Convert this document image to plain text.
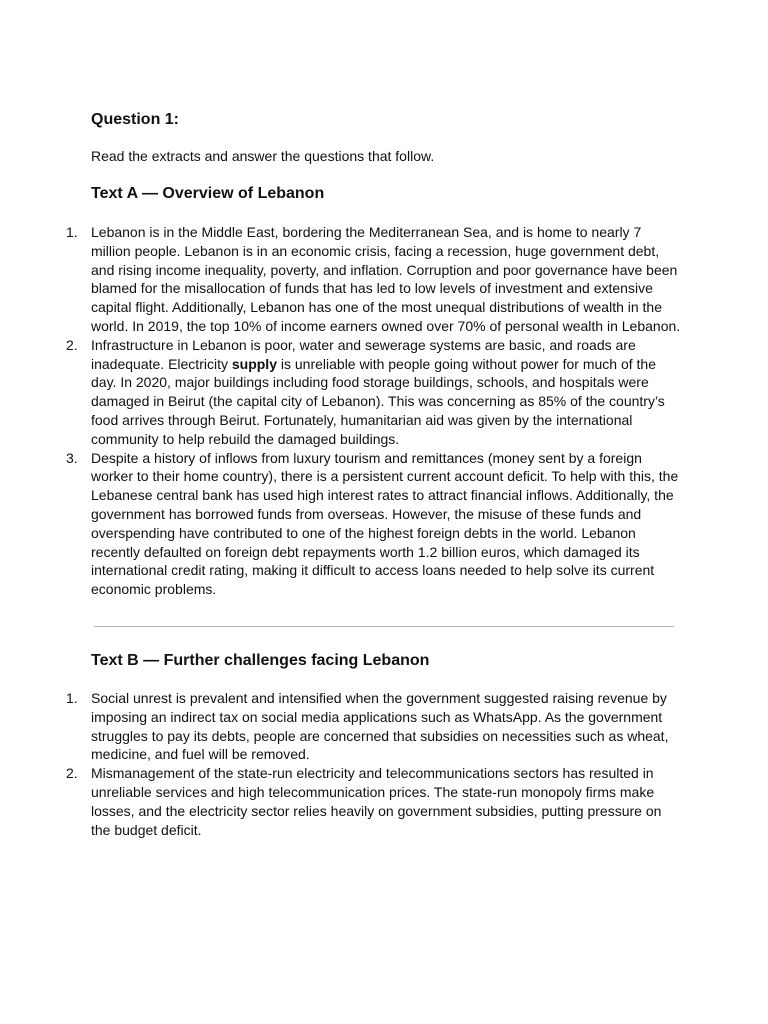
Question 1:

Read the extracts and answer the questions that follow.

Text A — Overview of Lebanon
1. Lebanon is in the Middle East, bordering the Mediterranean Sea, and is home to nearly 7 million people. Lebanon is in an economic crisis, facing a recession, huge government debt, and rising income inequality, poverty, and inflation. Corruption and poor governance have been blamed for the misallocation of funds that has led to low levels of investment and extensive capital flight. Additionally, Lebanon has one of the most unequal distributions of wealth in the world. In 2019, the top 10% of income earners owned over 70% of personal wealth in Lebanon.
2. Infrastructure in Lebanon is poor, water and sewerage systems are basic, and roads are inadequate. Electricity supply is unreliable with people going without power for much of the day. In 2020, major buildings including food storage buildings, schools, and hospitals were damaged in Beirut (the capital city of Lebanon). This was concerning as 85% of the country’s food arrives through Beirut. Fortunately, humanitarian aid was given by the international community to help rebuild the damaged buildings.
3. Despite a history of inflows from luxury tourism and remittances (money sent by a foreign worker to their home country), there is a persistent current account deficit. To help with this, the Lebanese central bank has used high interest rates to attract financial inflows. Additionally, the government has borrowed funds from overseas. However, the misuse of these funds and overspending have contributed to one of the highest foreign debts in the world. Lebanon recently defaulted on foreign debt repayments worth 1.2 billion euros, which damaged its international credit rating, making it difficult to access loans needed to help solve its current economic problems.
Text B — Further challenges facing Lebanon
1. Social unrest is prevalent and intensified when the government suggested raising revenue by imposing an indirect tax on social media applications such as WhatsApp. As the government struggles to pay its debts, people are concerned that subsidies on necessities such as wheat, medicine, and fuel will be removed.
2. Mismanagement of the state-run electricity and telecommunications sectors has resulted in unreliable services and high telecommunication prices. The state-run monopoly firms make losses, and the electricity sector relies heavily on government subsidies, putting pressure on the budget deficit.
